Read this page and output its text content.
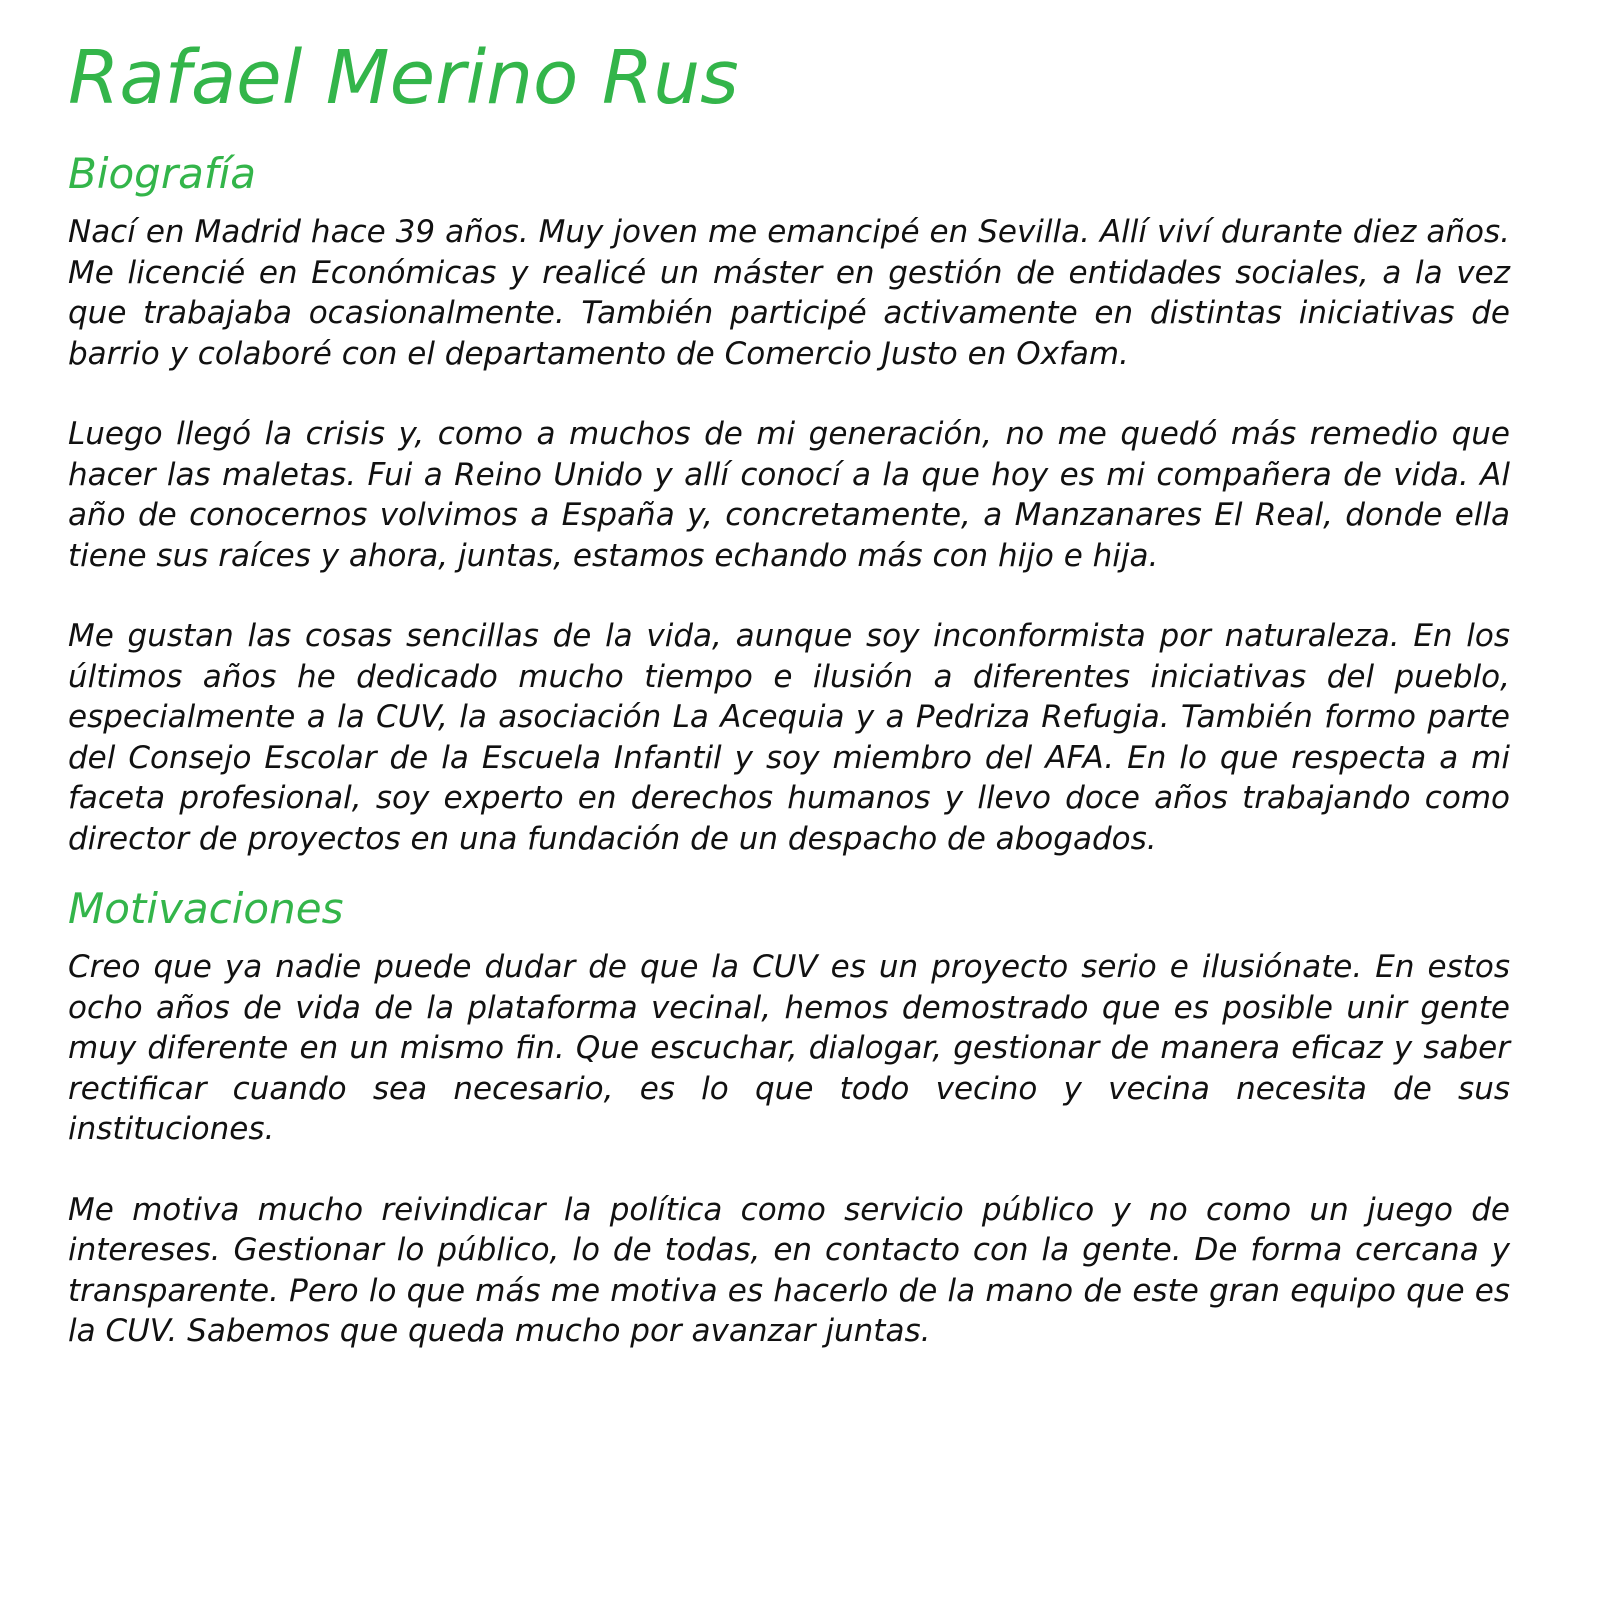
Rafael Merino Rus
Biografía

Nací en Madrid hace 39 años. Muy joven me emancipé en Sevilla. Allí viví durante diez años. Me licencié en Económicas y realicé un máster en gestión de entidades sociales, a la vez que trabajaba ocasionalmente. También participé activamente en distintas iniciativas de barrio y colaboré con el departamento de Comercio Justo en Oxfam.

Luego llegó la crisis y, como a muchos de mi generación, no me quedó más remedio que hacer las maletas. Fui a Reino Unido y allí conocí a la que hoy es mi compañera de vida. Al año de conocernos volvimos a España y, concretamente, a Manzanares El Real, donde ella tiene sus raíces y ahora, juntas, estamos echando más con hijo e hija.

Me gustan las cosas sencillas de la vida, aunque soy inconformista por naturaleza. En los últimos años he dedicado mucho tiempo e ilusión a diferentes iniciativas del pueblo, especialmente a la CUV, la asociación La Acequia y a Pedriza Refugia. También formo parte del Consejo Escolar de la Escuela Infantil y soy miembro del AFA. En lo que respecta a mi faceta profesional, soy experto en derechos humanos y llevo doce años trabajando como director de proyectos en una fundación de un despacho de abogados.

Motivaciones

Creo que ya nadie puede dudar de que la CUV es un proyecto serio e ilusiónate. En estos ocho años de vida de la plataforma vecinal, hemos demostrado que es posible unir gente muy diferente en un mismo fin. Que escuchar, dialogar, gestionar de manera eficaz y saber rectificar cuando sea necesario, es lo que todo vecino y vecina necesita de sus instituciones.

Me motiva mucho reivindicar la política como servicio público y no como un juego de intereses. Gestionar lo público, lo de todas, en contacto con la gente. De forma cercana y transparente. Pero lo que más me motiva es hacerlo de la mano de este gran equipo que es la CUV. Sabemos que queda mucho por avanzar juntas.
